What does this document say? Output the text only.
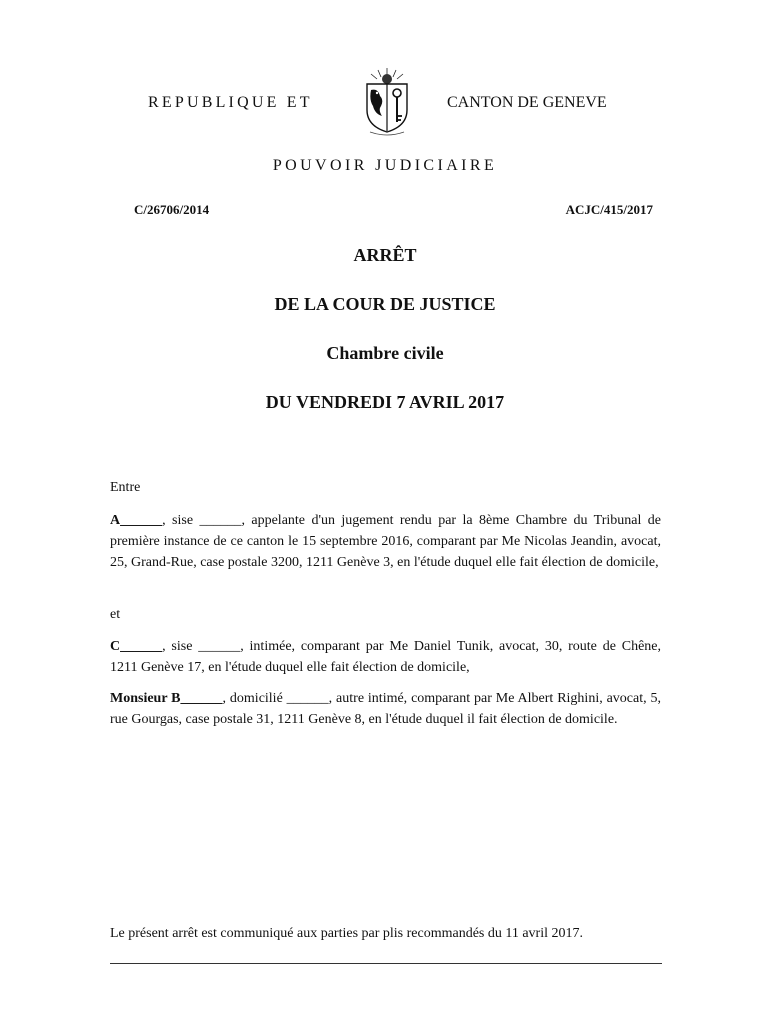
REPUBLIQUE ET	CANTON DE GENEVE
POUVOIR JUDICIAIRE
C/26706/2014	ACJC/415/2017
ARRÊT
DE LA COUR DE JUSTICE
Chambre civile
DU VENDREDI 7 AVRIL 2017
Entre
A______, sise ______, appelante d'un jugement rendu par la 8ème Chambre du Tribunal de première instance de ce canton le 15 septembre 2016, comparant par Me Nicolas Jeandin, avocat, 25, Grand-Rue, case postale 3200, 1211 Genève 3, en l'étude duquel elle fait élection de domicile,
et
C______, sise ______, intimée, comparant par Me Daniel Tunik, avocat, 30, route de Chêne, 1211 Genève 17, en l'étude duquel elle fait élection de domicile,
Monsieur B______, domicilié ______, autre intimé, comparant par Me Albert Righini, avocat, 5, rue Gourgas, case postale 31, 1211 Genève 8, en l'étude duquel il fait élection de domicile.
Le présent arrêt est communiqué aux parties par plis recommandés du 11 avril 2017.
